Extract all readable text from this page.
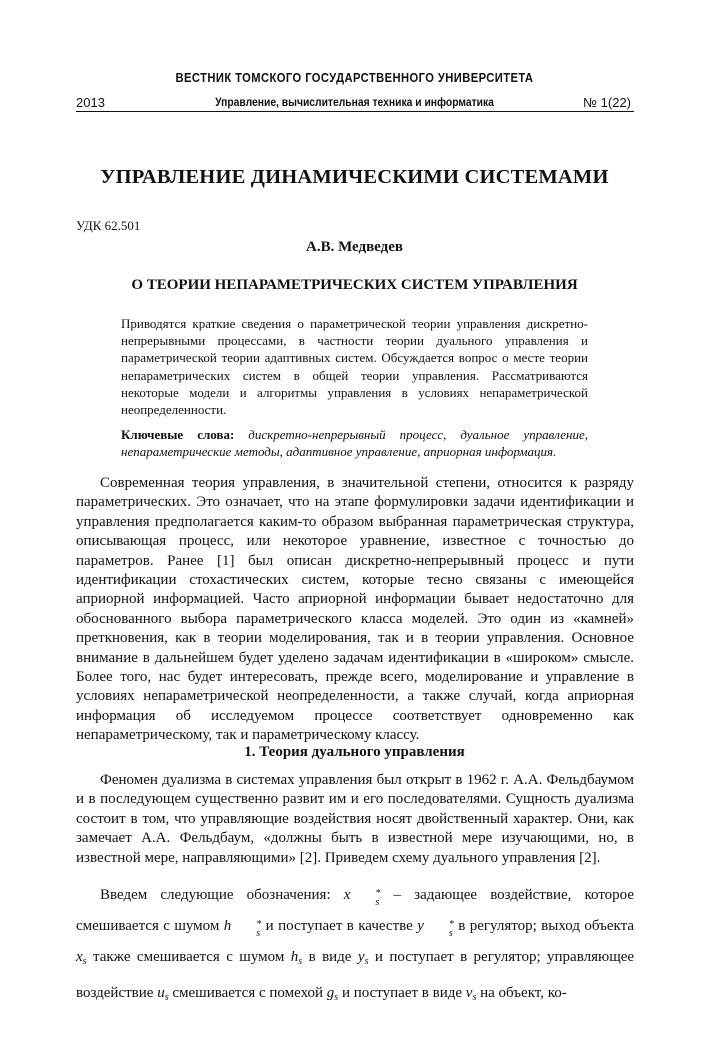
ВЕСТНИК ТОМСКОГО ГОСУДАРСТВЕННОГО УНИВЕРСИТЕТА
2013	Управление, вычислительная техника и информатика	№ 1(22)
УПРАВЛЕНИЕ ДИНАМИЧЕСКИМИ СИСТЕМАМИ
УДК 62.501
А.В. Медведев
О ТЕОРИИ НЕПАРАМЕТРИЧЕСКИХ СИСТЕМ УПРАВЛЕНИЯ
Приводятся краткие сведения о параметрической теории управления дискретно-непрерывными процессами, в частности теории дуального управления и параметрической теории адаптивных систем. Обсуждается вопрос о месте теории непараметрических систем в общей теории управления. Рассматриваются некоторые модели и алгоритмы управления в условиях непараметрической неопределенности.
Ключевые слова: дискретно-непрерывный процесс, дуальное управление, непараметрические методы, адаптивное управление, априорная информация.
Современная теория управления, в значительной степени, относится к разряду параметрических. Это означает, что на этапе формулировки задачи идентификации и управления предполагается каким-то образом выбранная параметрическая структура, описывающая процесс, или некоторое уравнение, известное с точностью до параметров. Ранее [1] был описан дискретно-непрерывный процесс и пути идентификации стохастических систем, которые тесно связаны с имеющейся априорной информацией. Часто априорной информации бывает недостаточно для обоснованного выбора параметрического класса моделей. Это один из «камней» преткновения, как в теории моделирования, так и в теории управления. Основное внимание в дальнейшем будет уделено задачам идентификации в «широком» смысле. Более того, нас будет интересовать, прежде всего, моделирование и управление в условиях непараметрической неопределенности, а также случай, когда априорная информация об исследуемом процессе соответствует одновременно как непараметрическому, так и параметрическому классу.
1. Теория дуального управления
Феномен дуализма в системах управления был открыт в 1962 г. А.А. Фельдбаумом и в последующем существенно развит им и его последователями. Сущность дуализма состоит в том, что управляющие воздействия носят двойственный характер. Они, как замечает А.А. Фельдбаум, «должны быть в известной мере изучающими, но, в известной мере, направляющими» [2]. Приведем схему дуального управления [2].
Введем следующие обозначения: x	*
s – задающее воздействие, которое смешивается с шумом h	*
s и поступает в качестве y	*
s в регулятор; выход объекта $x_s$ также смешивается с шумом $h_s$ в виде $y_s$ и поступает в регулятор; управляющее воздействие $u_s$ смешивается с помехой $g_s$ и поступает в виде $v_s$ на объект, ко-
